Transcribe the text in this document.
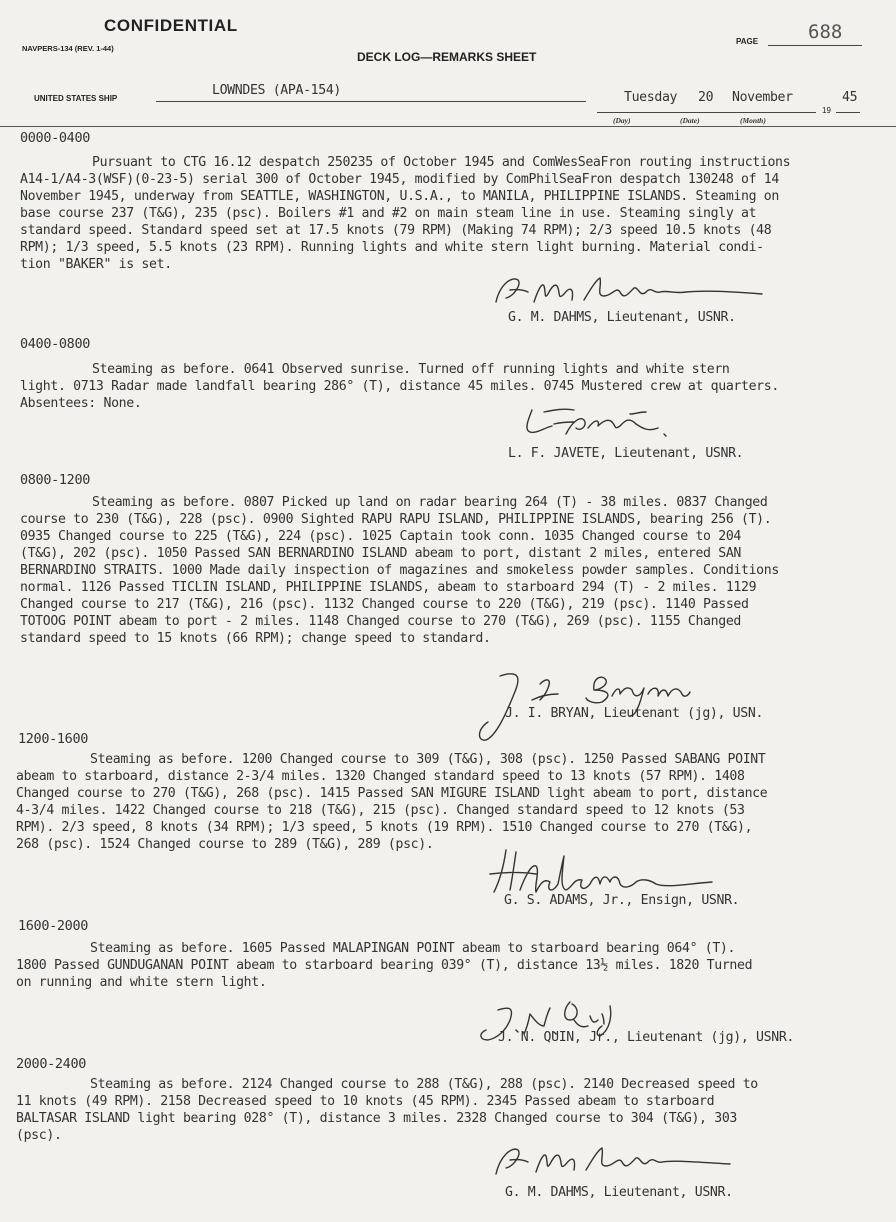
CONFIDENTIAL
NAVPERS-134 (REV. 1-44)
DECK LOG—REMARKS SHEET
PAGE	688
UNITED STATES SHIP
LOWNDES (APA-154)	Tuesday 20 November	45
19
(Day)	(Date)	(Month)
0000-0400
Pursuant to CTG 16.12 despatch 250235 of October 1945 and ComWesSeaFron routing instructions
A14-1/A4-3(WSF)(0-23-5) serial 300 of October 1945, modified by ComPhilSeaFron despatch 130248 of 14
November 1945, underway from SEATTLE, WASHINGTON, U.S.A., to MANILA, PHILIPPINE ISLANDS. Steaming on
base course 237 (T&G), 235 (psc). Boilers #1 and #2 on main steam line in use. Steaming singly at
standard speed. Standard speed set at 17.5 knots (79 RPM) (Making 74 RPM); 2/3 speed 10.5 knots (48
RPM); 1/3 speed, 5.5 knots (23 RPM). Running lights and white stern light burning. Material condi-
tion "BAKER" is set.
G. M. DAHMS, Lieutenant, USNR.
0400-0800
Steaming as before. 0641 Observed sunrise. Turned off running lights and white stern
light. 0713 Radar made landfall bearing 286° (T), distance 45 miles. 0745 Mustered crew at quarters.
Absentees: None.
L. F. JAVETE, Lieutenant, USNR.
0800-1200
Steaming as before. 0807 Picked up land on radar bearing 264 (T) - 38 miles. 0837 Changed
course to 230 (T&G), 228 (psc). 0900 Sighted RAPU RAPU ISLAND, PHILIPPINE ISLANDS, bearing 256 (T).
0935 Changed course to 225 (T&G), 224 (psc). 1025 Captain took conn. 1035 Changed course to 204
(T&G), 202 (psc). 1050 Passed SAN BERNARDINO ISLAND abeam to port, distant 2 miles, entered SAN
BERNARDINO STRAITS. 1000 Made daily inspection of magazines and smokeless powder samples. Conditions
normal. 1126 Passed TICLIN ISLAND, PHILIPPINE ISLANDS, abeam to starboard 294 (T) - 2 miles. 1129
Changed course to 217 (T&G), 216 (psc). 1132 Changed course to 220 (T&G), 219 (psc). 1140 Passed
TOTOOG POINT abeam to port - 2 miles. 1148 Changed course to 270 (T&G), 269 (psc). 1155 Changed
standard speed to 15 knots (66 RPM); change speed to standard.
J. I. BRYAN, Lieutenant (jg), USN.
1200-1600
Steaming as before. 1200 Changed course to 309 (T&G), 308 (psc). 1250 Passed SABANG POINT
abeam to starboard, distance 2-3/4 miles. 1320 Changed standard speed to 13 knots (57 RPM). 1408
Changed course to 270 (T&G), 268 (psc). 1415 Passed SAN MIGURE ISLAND light abeam to port, distance
4-3/4 miles. 1422 Changed course to 218 (T&G), 215 (psc). Changed standard speed to 12 knots (53
RPM). 2/3 speed, 8 knots (34 RPM); 1/3 speed, 5 knots (19 RPM). 1510 Changed course to 270 (T&G),
268 (psc). 1524 Changed course to 289 (T&G), 289 (psc).
G. S. ADAMS, Jr., Ensign, USNR.
1600-2000
Steaming as before. 1605 Passed MALAPINGAN POINT abeam to starboard bearing 064° (T).
1800 Passed GUNDUGANAN POINT abeam to starboard bearing 039° (T), distance 13½ miles. 1820 Turned
on running and white stern light.
J. N. QUIN, Jr., Lieutenant (jg), USNR.
2000-2400
Steaming as before. 2124 Changed course to 288 (T&G), 288 (psc). 2140 Decreased speed to
11 knots (49 RPM). 2158 Decreased speed to 10 knots (45 RPM). 2345 Passed abeam to starboard
BALTASAR ISLAND light bearing 028° (T), distance 3 miles. 2328 Changed course to 304 (T&G), 303
(psc).
G. M. DAHMS, Lieutenant, USNR.
